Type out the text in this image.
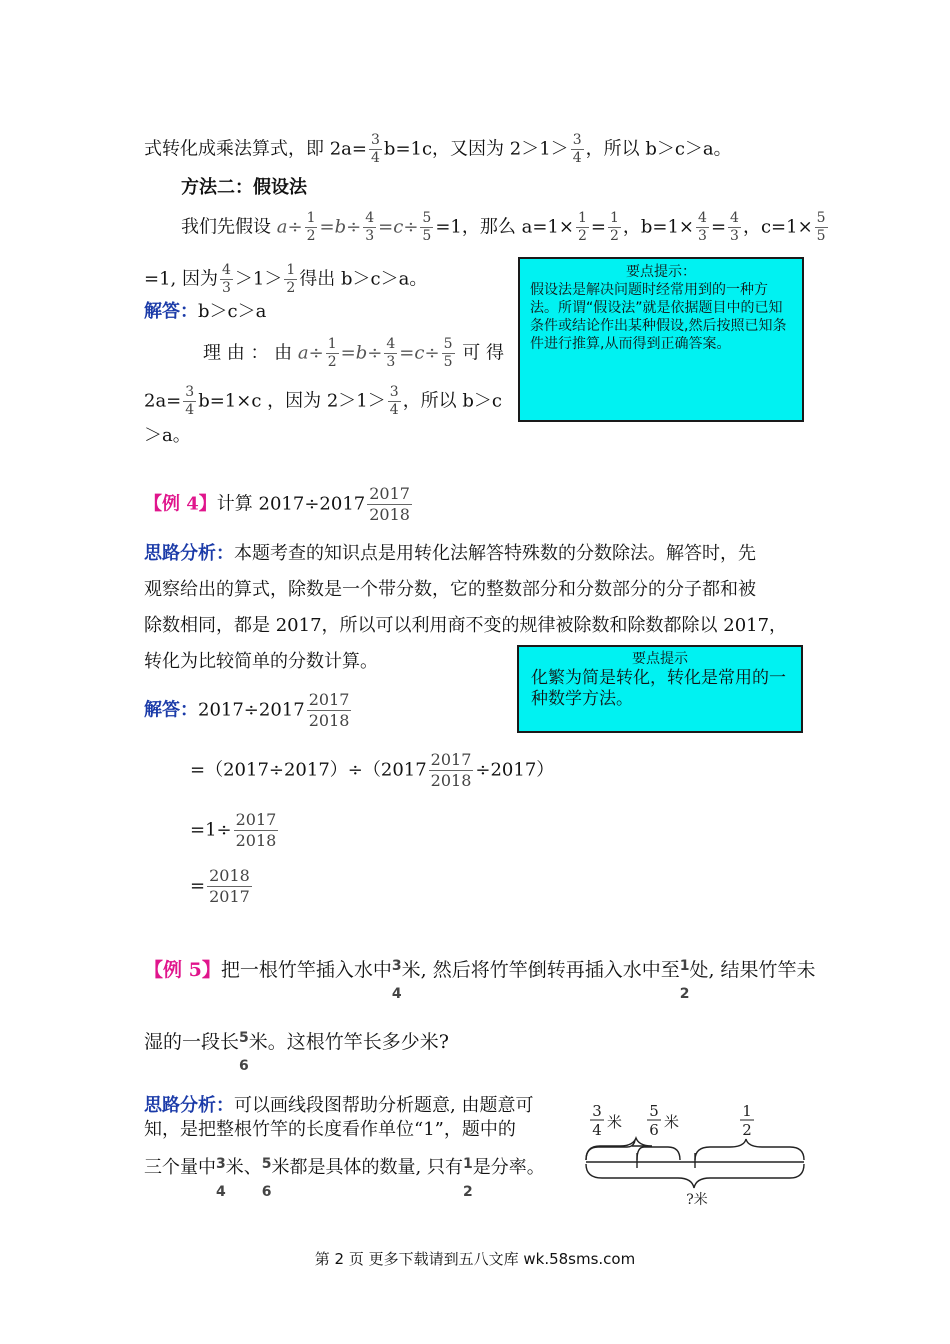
式转化成乘法算式，即 $2a= \frac{3}{4} b=1c$，又因为 $2>1> \frac{3}{4}$ ，所以 b＞c＞a。
方法二：假设法
我们先假设 $a\div \frac{1}{2} =b\div \frac{4}{3} =c\div \frac{5}{5} =1$，那么 $a=1\times \frac{1}{2} = \frac{1}{2}$ ，$b=1\times \frac{4}{3} = \frac{4}{3}$ ，$c=1\times \frac{5}{5}$
=1, 因为 $\frac{4}{3} >1> \frac{1}{2}$ 得出 b＞c＞a。
解答：b＞c＞a
理 由 ： 由 $a\div \frac{1}{2} =b\div \frac{4}{3} =c\div \frac{5}{5}$ 可 得
$2a= \frac{3}{4} b=1\times c$ ，因为 $2>1> \frac{3}{4}$ ，所以 b＞c
＞a。
要点提示：
假设法是解决问题时经常用到的一种方法。所谓“假设法”就是依据题目中的已知条件或结论作出某种假设,然后按照已知条件进行推算,从而得到正确答案。
【例 4】计算 $2017\div 2017 \frac{2017}{2018}$
思路分析：本题考查的知识点是用转化法解答特殊数的分数除法。解答时，先
观察给出的算式，除数是一个带分数，它的整数部分和分数部分的分子都和被
除数相同，都是 2017，所以可以利用商不变的规律被除数和除数都除以 2017，
转化为比较简单的分数计算。	要点提示
化繁为简是转化，转化是常用的一种数学方法。
解答：$2017\div 2017 \frac{2017}{2018}$
$=(2017\div 2017)\div(2017 \frac{2017}{2018} \div 2017)$
$=1\div \frac{2017}{2018}$
= $\frac{2018}{2017}$
【例 5】把一根竹竿插入水中 3
4
米, 然后将竹竿倒转再插入水中至 1
2
处, 结果竹竿未
湿的一段长 5
6
米。这根竹竿长多少米?
思路分析：可以画线段图帮助分析题意, 由题意可
知，是把整根竹竿的长度看作单位“1”，题中的
三个量中 3
4
米、 5
6
米都是具体的数量, 只有 1
2
是分率。
3
4 米
5
6 米
1
2
?米
第 2 页 更多下载请到五八文库 wk.58sms.com
